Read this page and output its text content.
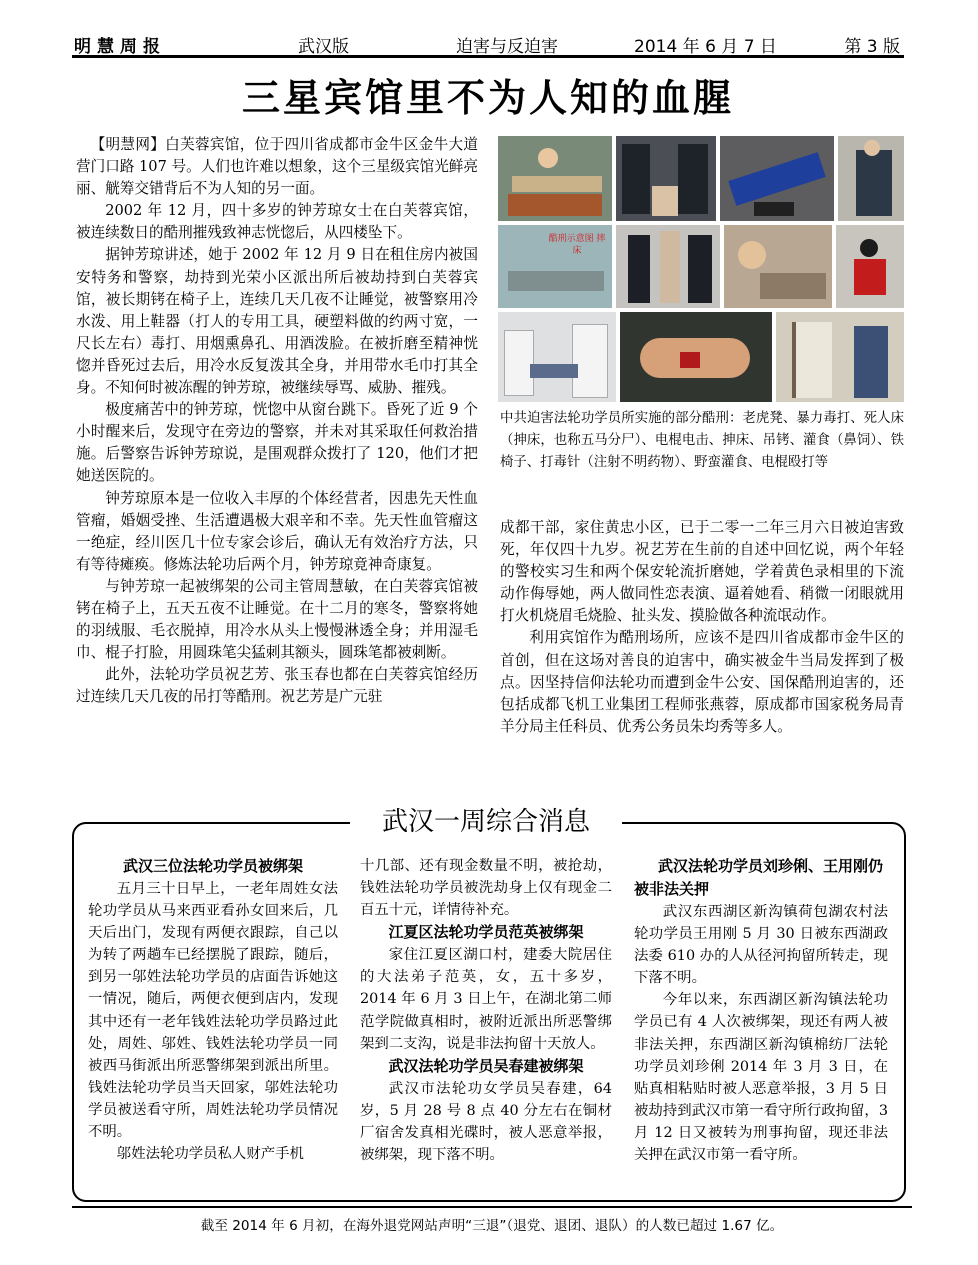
明慧周报	武汉版	迫害与反迫害	2014 年 6 月 7 日	第 3 版
三星宾馆里不为人知的血腥

【明慧网】白芙蓉宾馆，位于四川省成都市金牛区金牛大道营门口路 107 号。人们也许难以想象，这个三星级宾馆光鲜亮丽、觥筹交错背后不为人知的另一面。

2002 年 12 月，四十多岁的钟芳琼女士在白芙蓉宾馆，被连续数日的酷刑摧残致神志恍惚后，从四楼坠下。

据钟芳琼讲述，她于 2002 年 12 月 9 日在租住房内被国安特务和警察，劫持到光荣小区派出所后被劫持到白芙蓉宾馆，被长期铐在椅子上，连续几天几夜不让睡觉，被警察用冷水泼、用上鞋器（打人的专用工具，硬塑料做的约两寸宽，一尺长左右）毒打、用烟熏鼻孔、用酒泼脸。在被折磨至精神恍惚并昏死过去后，用冷水反复泼其全身，并用带水毛巾打其全身。不知何时被冻醒的钟芳琼，被继续辱骂、威胁、摧残。

极度痛苦中的钟芳琼，恍惚中从窗台跳下。昏死了近 9 个小时醒来后，发现守在旁边的警察，并未对其采取任何救治措施。后警察告诉钟芳琼说，是围观群众拨打了 120，他们才把她送医院的。

钟芳琼原本是一位收入丰厚的个体经营者，因患先天性血管瘤，婚姻受挫、生活遭遇极大艰辛和不幸。先天性血管瘤这一绝症，经川医几十位专家会诊后，确认无有效治疗方法，只有等待瘫痪。修炼法轮功后两个月，钟芳琼竟神奇康复。

与钟芳琼一起被绑架的公司主管周慧敏，在白芙蓉宾馆被铐在椅子上，五天五夜不让睡觉。在十二月的寒冬，警察将她的羽绒服、毛衣脱掉，用冷水从头上慢慢淋透全身；并用湿毛巾、棍子打脸，用圆珠笔尖猛刺其额头，圆珠笔都被刺断。

此外，法轮功学员祝艺芳、张玉春也都在白芙蓉宾馆经历过连续几天几夜的吊打等酷刑。祝艺芳是广元驻

酷刑示意图 摔床
中共迫害法轮功学员所实施的部分酷刑：老虎凳、暴力毒打、死人床（抻床，也称五马分尸）、电棍电击、抻床、吊铐、灌食（鼻饲）、铁椅子、打毒针（注射不明药物）、野蛮灌食、电棍殴打等

成都干部，家住黄忠小区，已于二零一二年三月六日被迫害致死，年仅四十九岁。祝艺芳在生前的自述中回忆说，两个年轻的警校实习生和两个保安轮流折磨她，学着黄色录相里的下流动作侮辱她，两人做同性恋表演、逼着她看、稍微一闭眼就用打火机烧眉毛烧脸、扯头发、摸脸做各种流氓动作。

利用宾馆作为酷刑场所，应该不是四川省成都市金牛区的首创，但在这场对善良的迫害中，确实被金牛当局发挥到了极点。因坚持信仰法轮功而遭到金牛公安、国保酷刑迫害的，还包括成都飞机工业集团工程师张燕蓉，原成都市国家税务局青羊分局主任科员、优秀公务员朱均秀等多人。

武汉一周综合消息
武汉三位法轮功学员被绑架

五月三十日早上，一老年周姓女法轮功学员从马来西亚看孙女回来后，几天后出门，发现有两便衣跟踪，自己以为转了两趟车已经摆脱了跟踪，随后，到另一邬姓法轮功学员的店面告诉她这一情况，随后，两便衣便到店内，发现其中还有一老年钱姓法轮功学员路过此处，周姓、邬姓、钱姓法轮功学员一同被西马街派出所恶警绑架到派出所里。钱姓法轮功学员当天回家，邬姓法轮功学员被送看守所，周姓法轮功学员情况不明。

邬姓法轮功学员私人财产手机

十几部、还有现金数量不明，被抢劫，钱姓法轮功学员被洗劫身上仅有现金二百五十元，详情待补充。

江夏区法轮功学员范英被绑架

家住江夏区湖口村，建委大院居住的大法弟子范英，女，五十多岁，2014 年 6 月 3 日上午，在湖北第二师范学院做真相时，被附近派出所恶警绑架到二支沟，说是非法拘留十天放人。

武汉法轮功学员吴春建被绑架

武汉市法轮功女学员吴春建，64 岁，5 月 28 号 8 点 40 分左右在铜材厂宿舍发真相光碟时，被人恶意举报，被绑架，现下落不明。

武汉法轮功学员刘珍俐、王用刚仍被非法关押

武汉东西湖区新沟镇荷包湖农村法轮功学员王用刚 5 月 30 日被东西湖政法委 610 办的人从径河拘留所转走，现下落不明。

今年以来，东西湖区新沟镇法轮功学员已有 4 人次被绑架，现还有两人被非法关押，东西湖区新沟镇棉纺厂法轮功学员刘珍俐 2014 年 3 月 3 日，在贴真相粘贴时被人恶意举报，3 月 5 日被劫持到武汉市第一看守所行政拘留，3 月 12 日又被转为刑事拘留，现还非法关押在武汉市第一看守所。

截至 2014 年 6 月初，在海外退党网站声明“三退”（退党、退团、退队）的人数已超过 1.67 亿。
